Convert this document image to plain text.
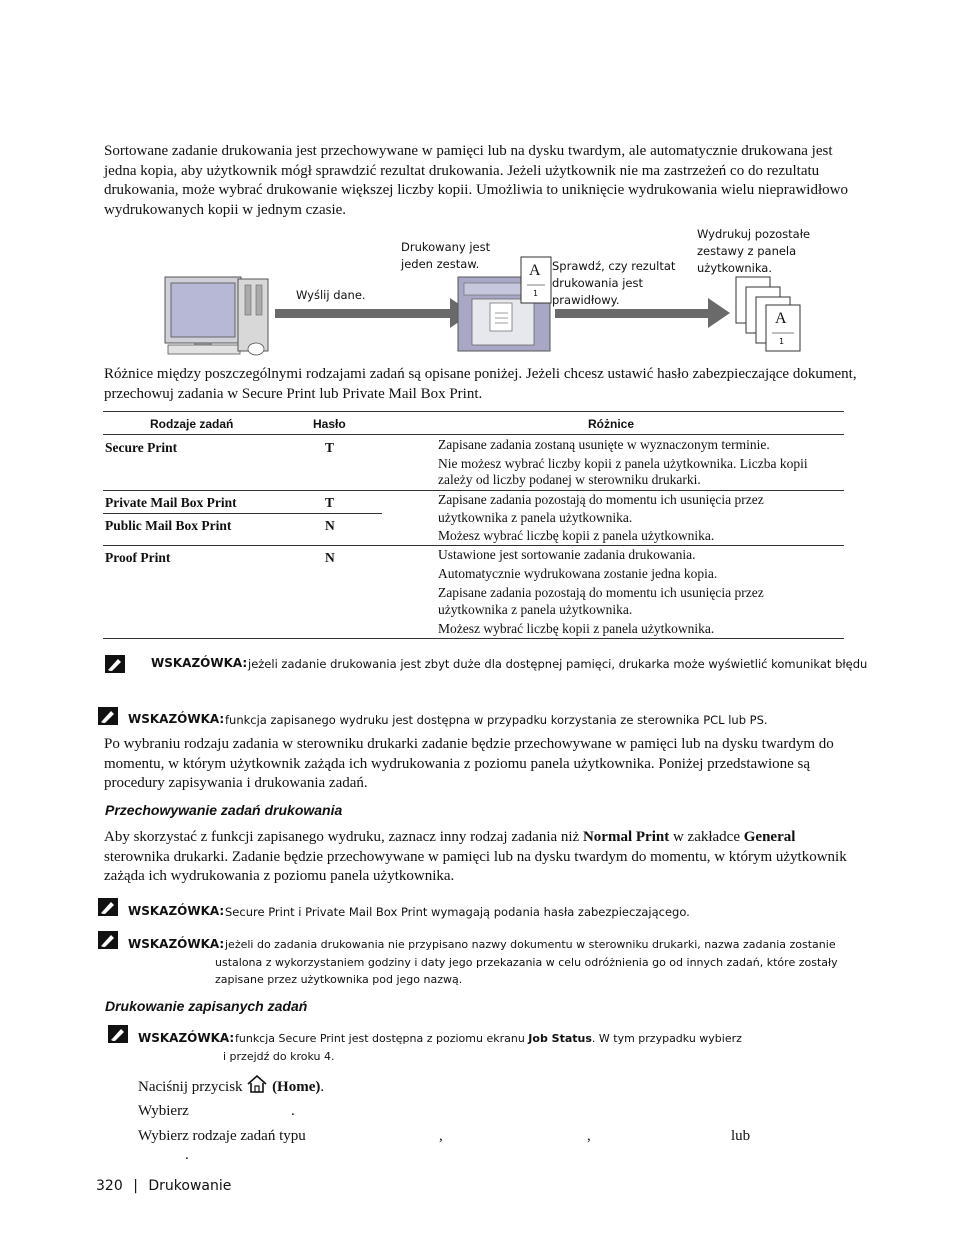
Sortowane zadanie drukowania jest przechowywane w pamięci lub na dysku twardym, ale automatycznie drukowana jest jedna kopia, aby użytkownik mógł sprawdzić rezultat drukowania. Jeżeli użytkownik nie ma zastrzeżeń co do rezultatu drukowania, może wybrać drukowanie większej liczby kopii. Umożliwia to uniknięcie wydrukowania wielu nieprawidłowo wydrukowanych kopii w jednym czasie.
A
1
A
1
Wyślij dane.
Drukowany jest
jeden zestaw.	Sprawdź, czy rezultat
drukowania jest
prawidłowy.
Wydrukuj pozostałe
zestawy z panela
użytkownika.
Różnice między poszczególnymi rodzajami zadań są opisane poniżej. Jeżeli chcesz ustawić hasło zabezpieczające dokument, przechowuj zadania w Secure Print lub Private Mail Box Print.
Rodzaje zadań	Hasło	Różnice
Secure Print	T	Zapisane zadania zostaną usunięte w wyznaczonym terminie.
Nie możesz wybrać liczby kopii z panela użytkownika. Liczba kopii
zależy od liczby podanej w sterowniku drukarki.
Private Mail Box Print	T
Public Mail Box Print	N
Zapisane zadania pozostają do momentu ich usunięcia przez
użytkownika z panela użytkownika.
Możesz wybrać liczbę kopii z panela użytkownika.
Proof Print	N	Ustawione jest sortowanie zadania drukowania.
Automatycznie wydrukowana zostanie jedna kopia.
Zapisane zadania pozostają do momentu ich usunięcia przez
użytkownika z panela użytkownika.
Możesz wybrać liczbę kopii z panela użytkownika.
WSKAZÓWKA: jeżeli zadanie drukowania jest zbyt duże dla dostępnej pamięci, drukarka może wyświetlić komunikat błędu
WSKAZÓWKA: funkcja zapisanego wydruku jest dostępna w przypadku korzystania ze sterownika PCL lub PS.
Po wybraniu rodzaju zadania w sterowniku drukarki zadanie będzie przechowywane w pamięci lub na dysku twardym do momentu, w którym użytkownik zażąda ich wydrukowania z poziomu panela użytkownika. Poniżej przedstawione są procedury zapisywania i drukowania zadań.
Przechowywanie zadań drukowania
Aby skorzystać z funkcji zapisanego wydruku, zaznacz inny rodzaj zadania niż Normal Print w zakładce General sterownika drukarki. Zadanie będzie przechowywane w pamięci lub na dysku twardym do momentu, w którym użytkownik zażąda ich wydrukowania z poziomu panela użytkownika.
WSKAZÓWKA: Secure Print i Private Mail Box Print wymagają podania hasła zabezpieczającego.
WSKAZÓWKA: jeżeli do zadania drukowania nie przypisano nazwy dokumentu w sterowniku drukarki, nazwa zadania zostanie
ustalona z wykorzystaniem godziny i daty jego przekazania w celu odróżnienia go od innych zadań, które zostały
zapisane przez użytkownika pod jego nazwą.
Drukowanie zapisanych zadań
WSKAZÓWKA: funkcja Secure Print jest dostępna z poziomu ekranu Job Status. W tym przypadku wybierz
i przejdź do kroku 4.
Naciśnij przycisk (Home).
Wybierz	.
Wybierz rodzaje zadań typu	,	,	lub
.
320 | Drukowanie
